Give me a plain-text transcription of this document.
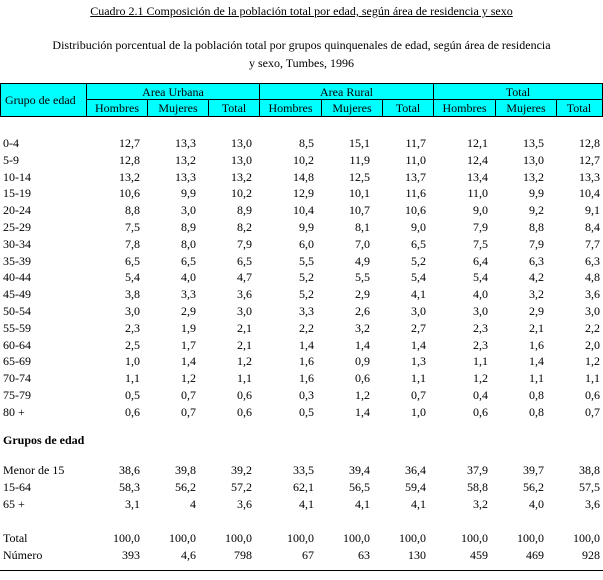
Cuadro 2.1 Composición de la población total por edad, según área de residencia y sexo
Distribución porcentual de la población total por grupos quinquenales de edad, según área de residencia
y sexo, Tumbes, 1996
Grupo de edad
Area Urbana	Area Rural	Total
Hombres	Mujeres	Total	Hombres	Mujeres	Total	Hombres	Mujeres	Total
0-4	12,7	13,3	13,0	8,5	15,1	11,7	12,1	13,5	12,8
5-9	12,8	13,2	13,0	10,2	11,9	11,0	12,4	13,0	12,7
10-14	13,2	13,3	13,2	14,8	12,5	13,7	13,4	13,2	13,3
15-19	10,6	9,9	10,2	12,9	10,1	11,6	11,0	9,9	10,4
20-24	8,8	3,0	8,9	10,4	10,7	10,6	9,0	9,2	9,1
25-29	7,5	8,9	8,2	9,9	8,1	9,0	7,9	8,8	8,4
30-34	7,8	8,0	7,9	6,0	7,0	6,5	7,5	7,9	7,7
35-39	6,5	6,5	6,5	5,5	4,9	5,2	6,4	6,3	6,3
40-44	5,4	4,0	4,7	5,2	5,5	5,4	5,4	4,2	4,8
45-49	3,8	3,3	3,6	5,2	2,9	4,1	4,0	3,2	3,6
50-54	3,0	2,9	3,0	3,3	2,6	3,0	3,0	2,9	3,0
55-59	2,3	1,9	2,1	2,2	3,2	2,7	2,3	2,1	2,2
60-64	2,5	1,7	2,1	1,4	1,4	1,4	2,3	1,6	2,0
65-69	1,0	1,4	1,2	1,6	0,9	1,3	1,1	1,4	1,2
70-74	1,1	1,2	1,1	1,6	0,6	1,1	1,2	1,1	1,1
75-79	0,5	0,7	0,6	0,3	1,2	0,7	0,4	0,8	0,6
80 +	0,6	0,7	0,6	0,5	1,4	1,0	0,6	0,8	0,7
Menor de 15	38,6	39,8	39,2	33,5	39,4	36,4	37,9	39,7	38,8
15-64	58,3	56,2	57,2	62,1	56,5	59,4	58,8	56,2	57,5
65 +	3,1	4	3,6	4,1	4,1	4,1	3,2	4,0	3,6
Total	100,0 100,0 100,0	100,0 100,0 100,0	100,0 100,0 100,0
Número	393	4,6	798	67	63	130	459	469	928
Grupos de edad
